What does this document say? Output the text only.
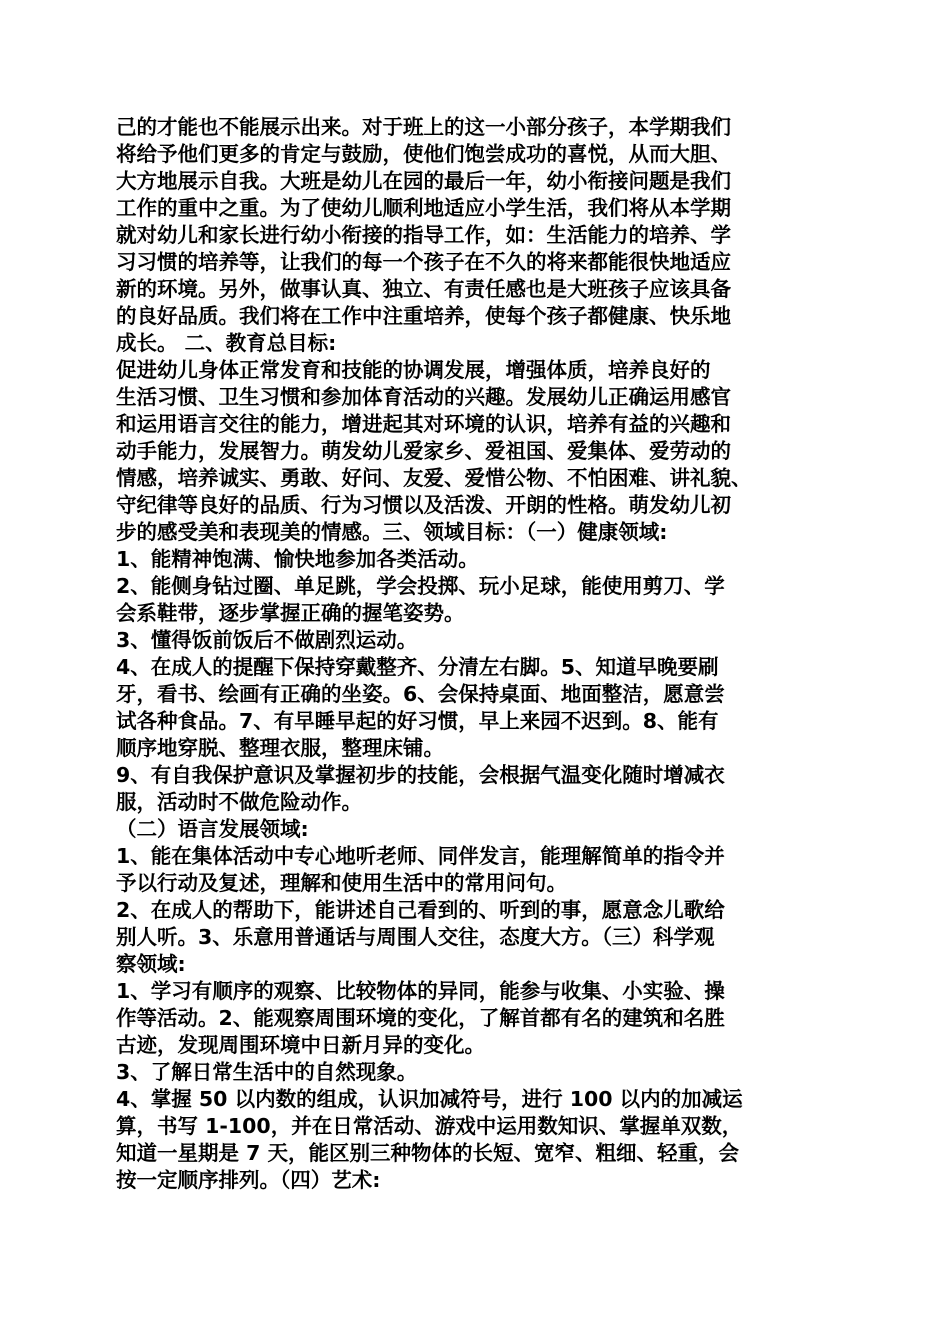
己的才能也不能展示出来。对于班上的这一小部分孩子，本学期我们
将给予他们更多的肯定与鼓励，使他们饱尝成功的喜悦，从而大胆、
大方地展示自我。大班是幼儿在园的最后一年，幼小衔接问题是我们
工作的重中之重。为了使幼儿顺利地适应小学生活，我们将从本学期
就对幼儿和家长进行幼小衔接的指导工作，如：生活能力的培养、学
习习惯的培养等，让我们的每一个孩子在不久的将来都能很快地适应
新的环境。另外，做事认真、独立、有责任感也是大班孩子应该具备
的良好品质。我们将在工作中注重培养，使每个孩子都健康、快乐地
成长。 二、教育总目标:
促进幼儿身体正常发育和技能的协调发展，增强体质，培养良好的
生活习惯、卫生习惯和参加体育活动的兴趣。发展幼儿正确运用感官
和运用语言交往的能力，增进起其对环境的认识，培养有益的兴趣和
动手能力，发展智力。萌发幼儿爱家乡、爱祖国、爱集体、爱劳动的
情感，培养诚实、勇敢、好问、友爱、爱惜公物、不怕困难、讲礼貌、
守纪律等良好的品质、行为习惯以及活泼、开朗的性格。萌发幼儿初
步的感受美和表现美的情感。三、领域目标：（一）健康领域:
1、能精神饱满、愉快地参加各类活动。
2、能侧身钻过圈、单足跳，学会投掷、玩小足球，能使用剪刀、学
会系鞋带，逐步掌握正确的握笔姿势。
3、懂得饭前饭后不做剧烈运动。
4、在成人的提醒下保持穿戴整齐、分清左右脚。5、知道早晚要刷
牙，看书、绘画有正确的坐姿。6、会保持桌面、地面整洁，愿意尝
试各种食品。7、有早睡早起的好习惯，早上来园不迟到。8、能有
顺序地穿脱、整理衣服，整理床铺。
9、有自我保护意识及掌握初步的技能，会根据气温变化随时增减衣
服，活动时不做危险动作。
（二）语言发展领域:
1、能在集体活动中专心地听老师、同伴发言，能理解简单的指令并
予以行动及复述，理解和使用生活中的常用问句。
2、在成人的帮助下，能讲述自己看到的、听到的事，愿意念儿歌给
别人听。3、乐意用普通话与周围人交往，态度大方。（三）科学观
察领域:
1、学习有顺序的观察、比较物体的异同，能参与收集、小实验、操
作等活动。2、能观察周围环境的变化，了解首都有名的建筑和名胜
古迹，发现周围环境中日新月异的变化。
3、了解日常生活中的自然现象。
4、掌握 50 以内数的组成，认识加减符号，进行 100 以内的加减运
算，书写 1-100，并在日常活动、游戏中运用数知识、掌握单双数，
知道一星期是 7 天，能区别三种物体的长短、宽窄、粗细、轻重，会
按一定顺序排列。（四）艺术:
